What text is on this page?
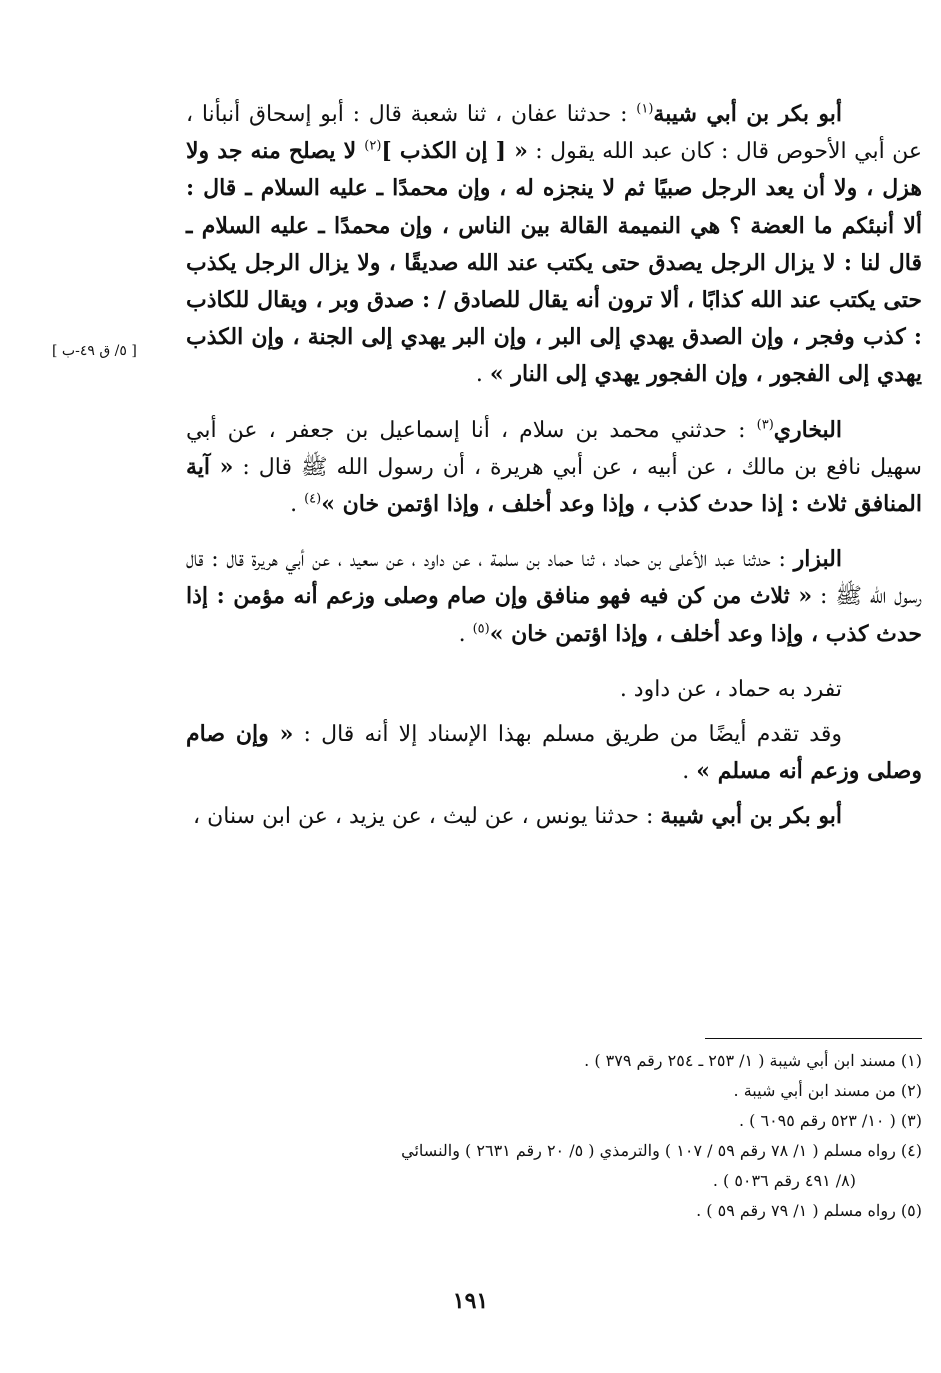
أبو بكر بن أبي شيبة$^{(١)}$ : حدثنا عفان ، ثنا شعبة قال : أبو إسحاق أنبأنا ، عن أبي الأحوص قال : كان عبد الله يقول : « [ إن الكذب ]$^{(٢)}$ لا يصلح منه جد ولا هزل ، ولا أن يعد الرجل صبيًا ثم لا ينجزه له ، وإن محمدًا ـ عليه السلام ـ قال : ألا أنبئكم ما العضة ؟ هي النميمة القالة بين الناس ، وإن محمدًا ـ عليه السلام ـ قال لنا : لا يزال الرجل يصدق حتى يكتب عند الله صديقًا ، ولا يزال الرجل يكذب حتى يكتب عند الله كذابًا ، ألا ترون أنه يقال للصادق / : صدق وبر ، ويقال للكاذب : كذب وفجر ، وإن الصدق يهدي إلى البر ، وإن البر يهدي إلى الجنة ، وإن الكذب يهدي إلى الفجور ، وإن الفجور يهدي إلى النار » .

البخاري$^{(٣)}$ : حدثني محمد بن سلام ، أنا إسماعيل بن جعفر ، عن أبي سهيل نافع بن مالك ، عن أبيه ، عن أبي هريرة ، أن رسول الله ﷺ قال : « آية المنافق ثلاث : إذا حدث كذب ، وإذا وعد أخلف ، وإذا اؤتمن خان »$^{(٤)}$ .

البزار : حدثنا عبد الأعلى بن حماد ، ثنا حماد بن سلمة ، عن داود ، عن سعيد ، عن أبي هريرة قال : قال رسول الله ﷺ : « ثلاث من كن فيه فهو منافق وإن صام وصلى وزعم أنه مؤمن : إذا حدث كذب ، وإذا وعد أخلف ، وإذا اؤتمن خان »$^{(٥)}$ .

تفرد به حماد ، عن داود .

وقد تقدم أيضًا من طريق مسلم بهذا الإسناد إلا أنه قال : « وإن صام وصلى وزعم أنه مسلم » .

أبو بكر بن أبي شيبة : حدثنا يونس ، عن ليث ، عن يزيد ، عن ابن سنان ،

[ ٥/ ق ٤٩-ب ]

(١) مسند ابن أبي شيبة ( ١/ ٢٥٣ ـ ٢٥٤ رقم ٣٧٩ ) .

(٢) من مسند ابن أبي شيبة .

(٣) ( ١٠/ ٥٢٣ رقم ٦٠٩٥ ) .

(٤) رواه مسلم ( ١/ ٧٨ رقم ٥٩ / ١٠٧ ) والترمذي ( ٥/ ٢٠ رقم ٢٦٣١ ) والنسائي

(٨/ ٤٩١ رقم ٥٠٣٦ ) .

(٥) رواه مسلم ( ١/ ٧٩ رقم ٥٩ ) .

١٩١
